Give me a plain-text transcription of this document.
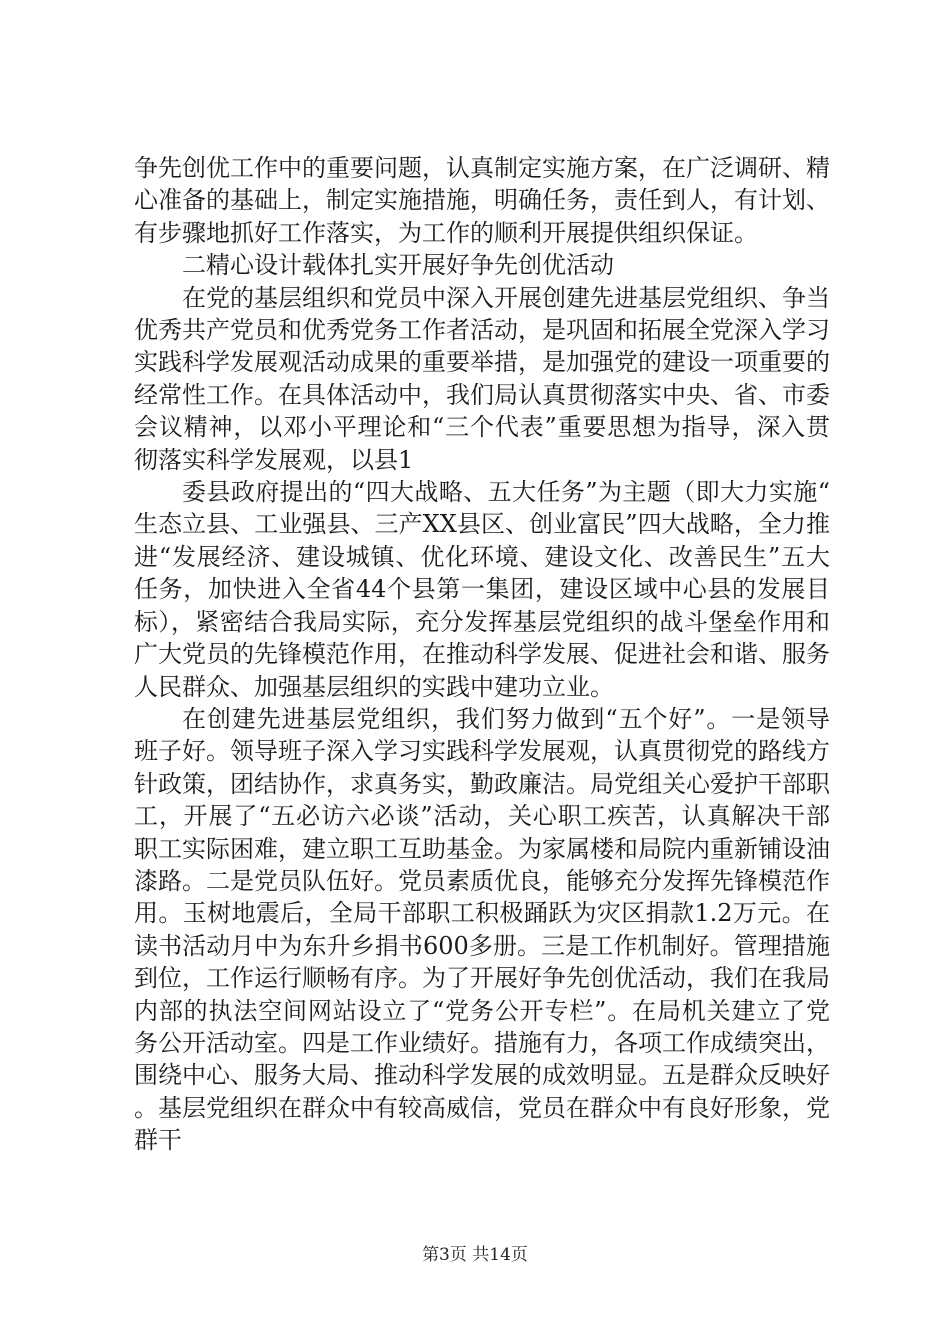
争先创优工作中的重要问题，认真制定实施方案，在广泛调研、精心准备的基础上，制定实施措施，明确任务，责任到人，有计划、有步骤地抓好工作落实，为工作的顺利开展提供组织保证。

二精心设计载体扎实开展好争先创优活动

在党的基层组织和党员中深入开展创建先进基层党组织、争当优秀共产党员和优秀党务工作者活动，是巩固和拓展全党深入学习实践科学发展观活动成果的重要举措，是加强党的建设一项重要的经常性工作。在具体活动中，我们局认真贯彻落实中央、省、市委会议精神，以邓小平理论和“三个代表”重要思想为指导，深入贯彻落实科学发展观，以县1

委县政府提出的“四大战略、五大任务”为主题（即大力实施“生态立县、工业强县、三产XX县区、创业富民”四大战略，全力推进“发展经济、建设城镇、优化环境、建设文化、改善民生”五大任务，加快进入全省44个县第一集团，建设区域中心县的发展目标），紧密结合我局实际，充分发挥基层党组织的战斗堡垒作用和广大党员的先锋模范作用，在推动科学发展、促进社会和谐、服务人民群众、加强基层组织的实践中建功立业。

在创建先进基层党组织，我们努力做到“五个好”。一是领导班子好。领导班子深入学习实践科学发展观，认真贯彻党的路线方针政策，团结协作，求真务实，勤政廉洁。局党组关心爱护干部职工，开展了“五必访六必谈”活动，关心职工疾苦，认真解决干部职工实际困难，建立职工互助基金。为家属楼和局院内重新铺设油漆路。二是党员队伍好。党员素质优良，能够充分发挥先锋模范作用。玉树地震后，全局干部职工积极踊跃为灾区捐款1.2万元。在读书活动月中为东升乡捐书600多册。三是工作机制好。管理措施到位，工作运行顺畅有序。为了开展好争先创优活动，我们在我局内部的执法空间网站设立了“党务公开专栏”。在局机关建立了党务公开活动室。四是工作业绩好。措施有力，各项工作成绩突出，围绕中心、服务大局、推动科学发展的成效明显。五是群众反映好。基层党组织在群众中有较高威信，党员在群众中有良好形象，党群干

第3页 共14页
